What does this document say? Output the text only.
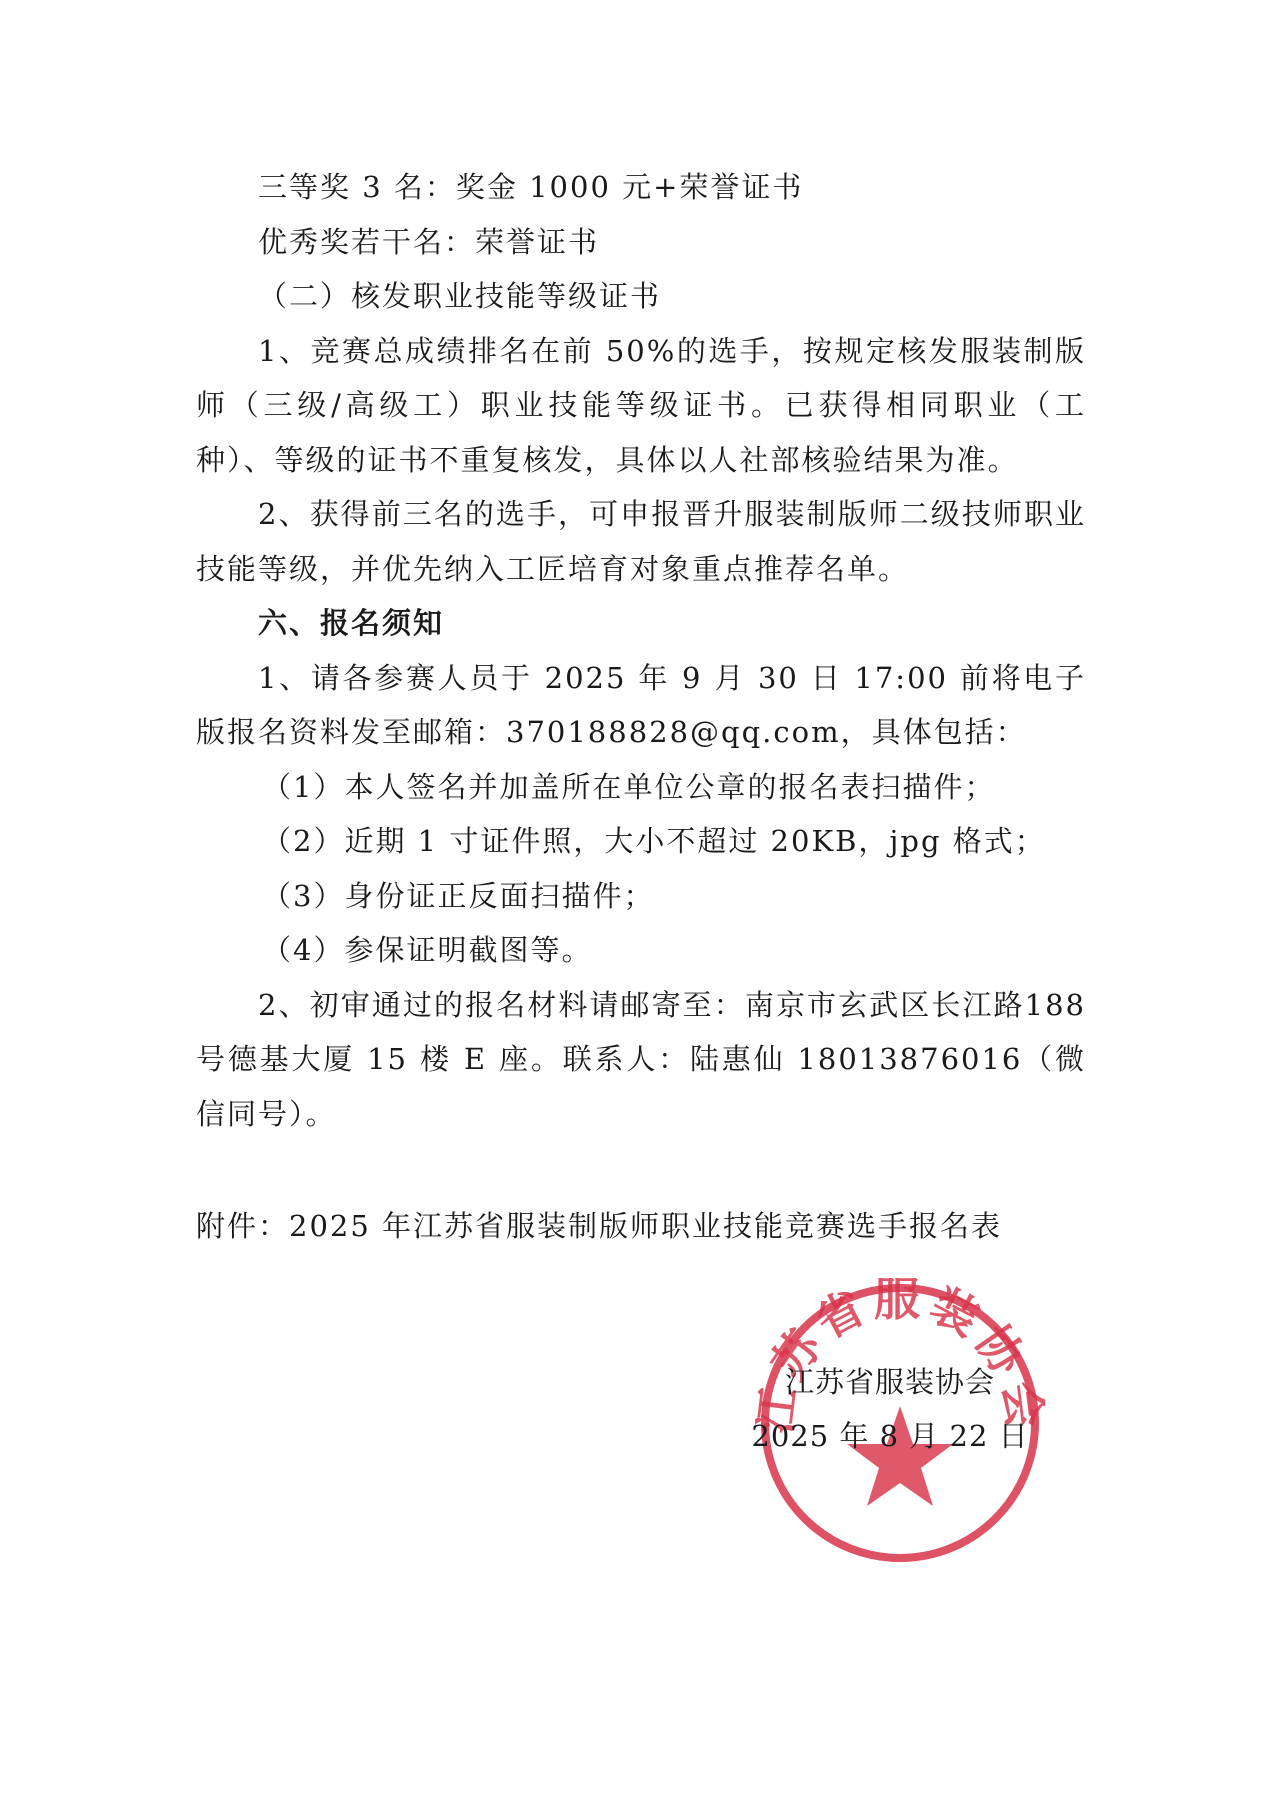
三等奖 3 名：奖金 1000 元+荣誉证书

优秀奖若干名：荣誉证书

（二）核发职业技能等级证书

1、竞赛总成绩排名在前 50%的选手，按规定核发服装制版师（三级/高级工）职业技能等级证书。已获得相同职业（工种）、等级的证书不重复核发，具体以人社部核验结果为准。

2、获得前三名的选手，可申报晋升服装制版师二级技师职业技能等级，并优先纳入工匠培育对象重点推荐名单。

六、报名须知

1、请各参赛人员于 2025 年 9 月 30 日 17:00 前将电子版报名资料发至邮箱：370188828@qq.com，具体包括：

（1）本人签名并加盖所在单位公章的报名表扫描件；

（2）近期 1 寸证件照，大小不超过 20KB，jpg 格式；

（3）身份证正反面扫描件；

（4）参保证明截图等。

2、初审通过的报名材料请邮寄至：南京市玄武区长江路188 号德基大厦 15 楼 E 座。联系人：陆惠仙 18013876016（微信同号）。

附件：2025 年江苏省服装制版师职业技能竞赛选手报名表

苏省服装协
江苏省服装协会
2025 年 8 月 22 日
